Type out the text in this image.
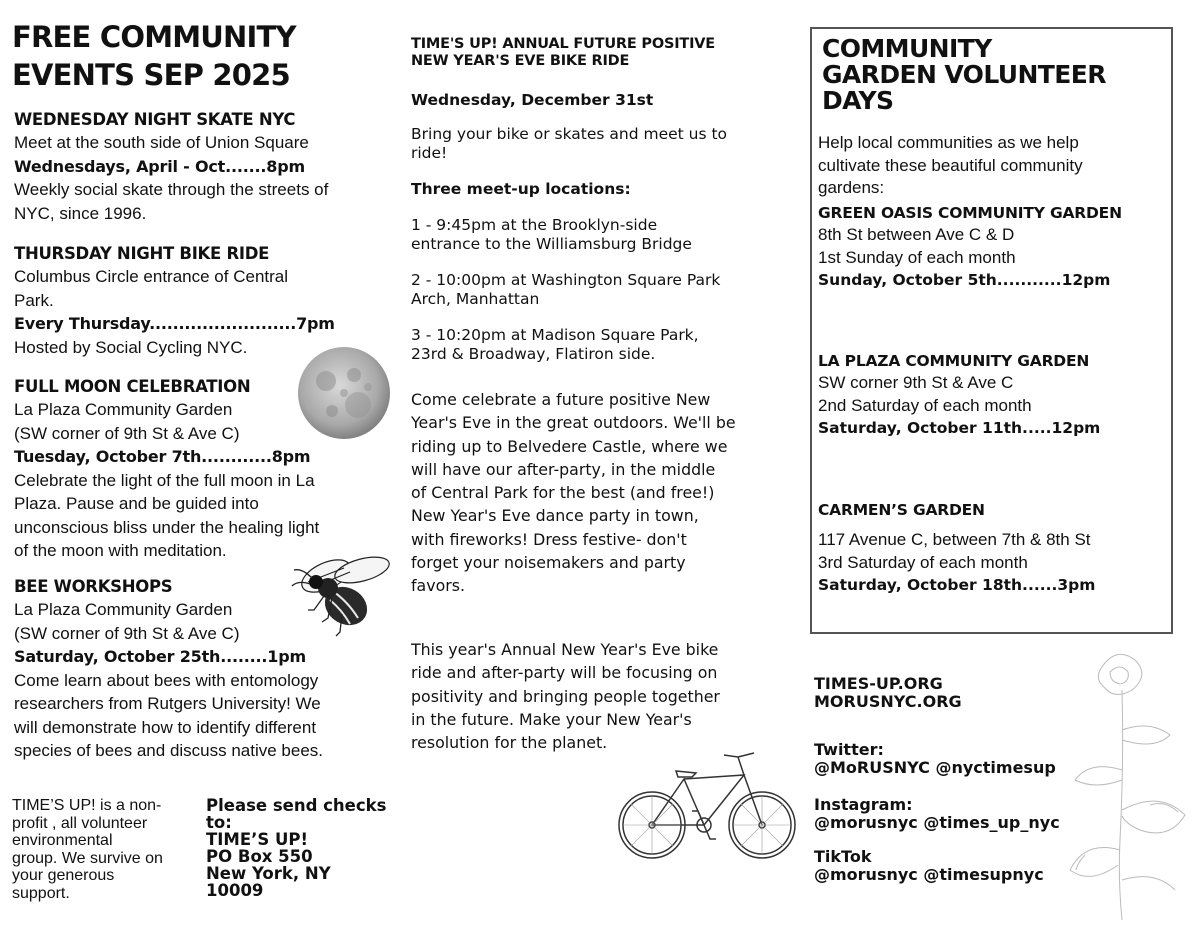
FREE COMMUNITY EVENTS SEP 2025
WEDNESDAY NIGHT SKATE NYC
Meet at the south side of Union Square
Wednesdays, April - Oct.......8pm
Weekly social skate through the streets of
NYC, since 1996.
THURSDAY NIGHT BIKE RIDE
Columbus Circle entrance of Central
Park.
Every Thursday.........................7pm
Hosted by Social Cycling NYC.
FULL MOON CELEBRATION
La Plaza Community Garden
(SW corner of 9th St & Ave C)
Tuesday, October 7th............8pm
Celebrate the light of the full moon in La
Plaza. Pause and be guided into
unconscious bliss under the healing light
of the moon with meditation.
BEE WORKSHOPS
La Plaza Community Garden
(SW corner of 9th St & Ave C)
Saturday, October 25th........1pm
Come learn about bees with entomology
researchers from Rutgers University! We
will demonstrate how to identify different
species of bees and discuss native bees.
TIME’S UP! is a non-
profit , all volunteer
environmental
group. We survive on
your generous
support.
Please send checks
to:
TIME’S UP!
PO Box 550
New York, NY
10009
TIME'S UP! ANNUAL FUTURE POSITIVE
NEW YEAR'S EVE BIKE RIDE
Wednesday, December 31st
Bring your bike or skates and meet us to
ride!
Three meet-up locations:
1 - 9:45pm at the Brooklyn-side
entrance to the Williamsburg Bridge
2 - 10:00pm at Washington Square Park
Arch, Manhattan
3 - 10:20pm at Madison Square Park,
23rd & Broadway, Flatiron side.
Come celebrate a future positive New
Year's Eve in the great outdoors. We'll be
riding up to Belvedere Castle, where we
will have our after-party, in the middle
of Central Park for the best (and free!)
New Year's Eve dance party in town,
with fireworks! Dress festive- don't
forget your noisemakers and party
favors.
This year's Annual New Year's Eve bike
ride and after-party will be focusing on
positivity and bringing people together
in the future. Make your New Year's
resolution for the planet.
COMMUNITY
GARDEN VOLUNTEER
DAYS
Help local communities as we help
cultivate these beautiful community
gardens:
GREEN OASIS COMMUNITY GARDEN
8th St between Ave C & D
1st Sunday of each month
Sunday, October 5th...........12pm
LA PLAZA COMMUNITY GARDEN
SW corner 9th St & Ave C
2nd Saturday of each month
Saturday, October 11th.....12pm
CARMEN’S GARDEN
117 Avenue C, between 7th & 8th St
3rd Saturday of each month
Saturday, October 18th......3pm
TIMES-UP.ORG
MORUSNYC.ORG
Twitter:
@MoRUSNYC @nyctimesup
Instagram:
@morusnyc @times_up_nyc
TikTok
@morusnyc @timesupnyc
